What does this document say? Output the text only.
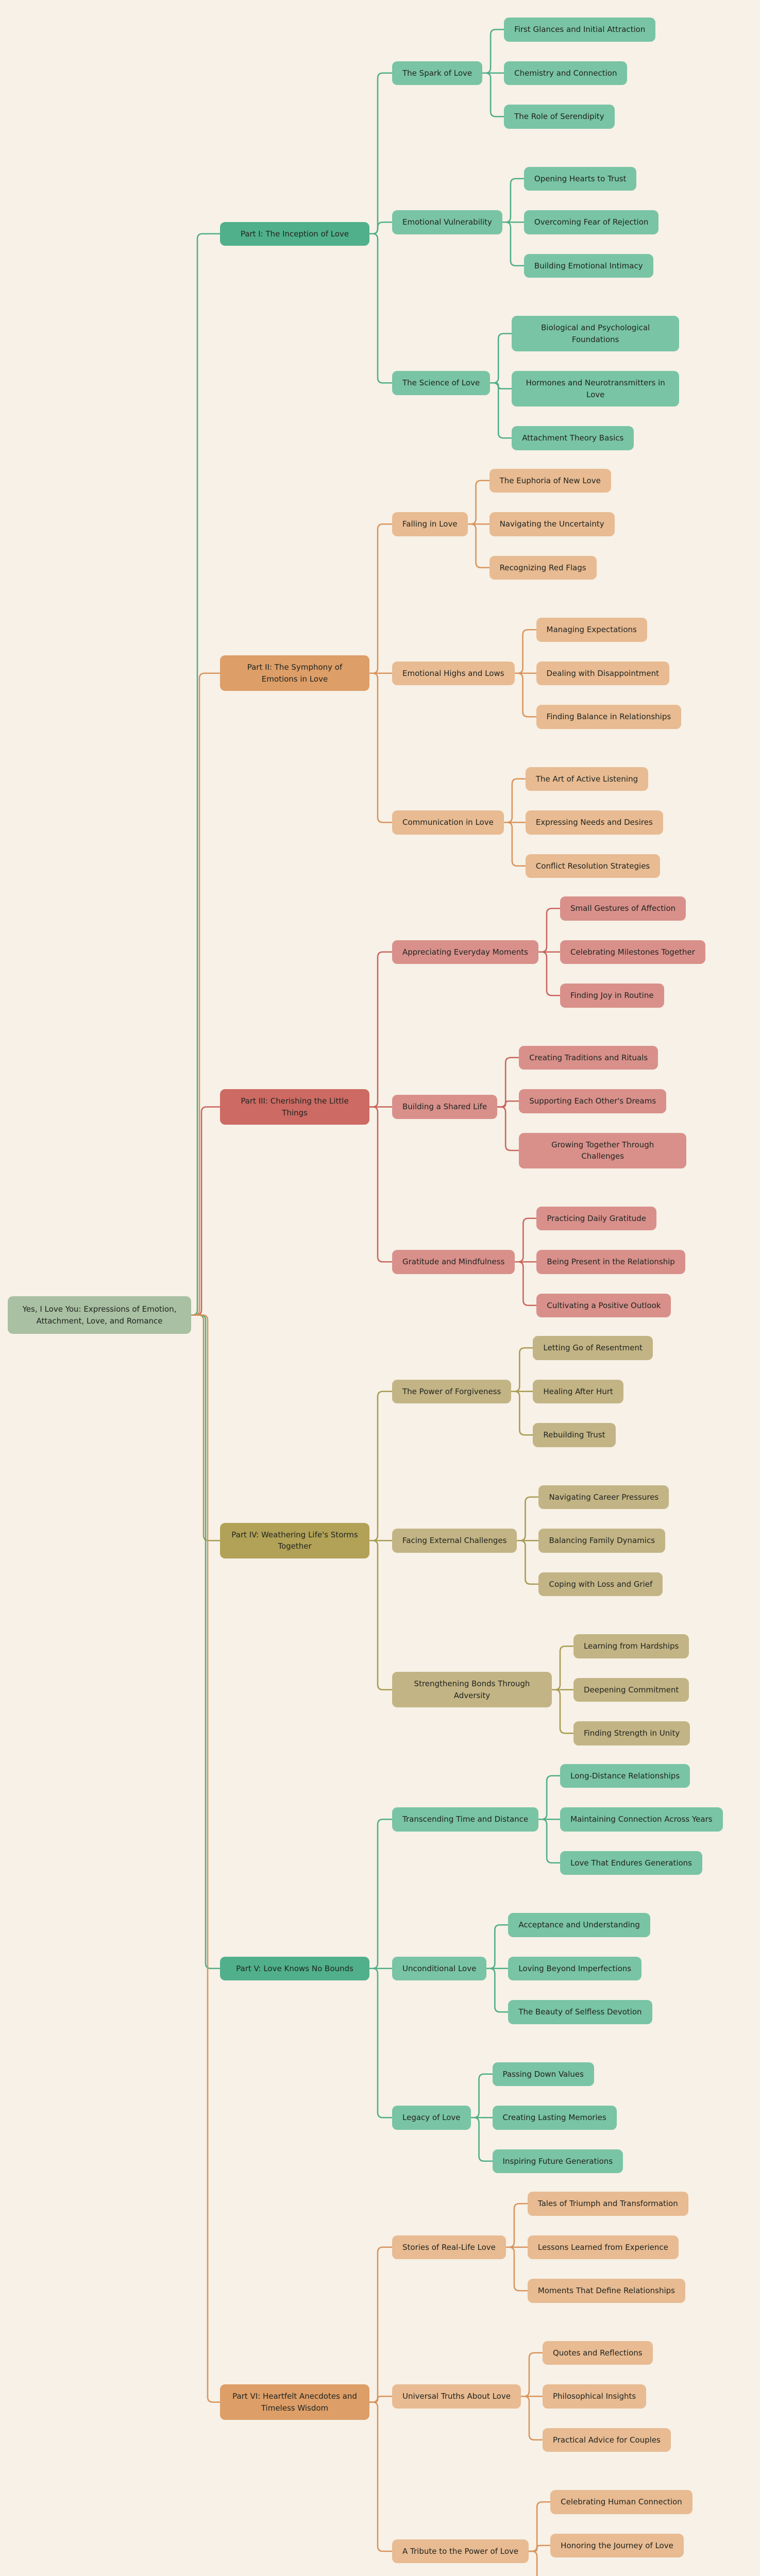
Yes, I Love You: Expressions of Emotion, Attachment, Love, and Romance
Part I: The Inception of Love
The Spark of Love
First Glances and Initial Attraction
Chemistry and Connection
The Role of Serendipity
Emotional Vulnerability
Opening Hearts to Trust
Overcoming Fear of Rejection
Building Emotional Intimacy
The Science of Love
Biological and Psychological Foundations
Hormones and Neurotransmitters in Love
Attachment Theory Basics
Part II: The Symphony of Emotions in Love
Falling in Love
The Euphoria of New Love
Navigating the Uncertainty
Recognizing Red Flags
Emotional Highs and Lows
Managing Expectations
Dealing with Disappointment
Finding Balance in Relationships
Communication in Love
The Art of Active Listening
Expressing Needs and Desires
Conflict Resolution Strategies
Part III: Cherishing the Little Things
Appreciating Everyday Moments
Small Gestures of Affection
Celebrating Milestones Together
Finding Joy in Routine
Building a Shared Life
Creating Traditions and Rituals
Supporting Each Other's Dreams
Growing Together Through Challenges
Gratitude and Mindfulness
Practicing Daily Gratitude
Being Present in the Relationship
Cultivating a Positive Outlook
Part IV: Weathering Life's Storms Together
The Power of Forgiveness
Letting Go of Resentment
Healing After Hurt
Rebuilding Trust
Facing External Challenges
Navigating Career Pressures
Balancing Family Dynamics
Coping with Loss and Grief
Strengthening Bonds Through Adversity
Learning from Hardships
Deepening Commitment
Finding Strength in Unity
Part V: Love Knows No Bounds
Transcending Time and Distance
Long-Distance Relationships
Maintaining Connection Across Years
Love That Endures Generations
Unconditional Love
Acceptance and Understanding
Loving Beyond Imperfections
The Beauty of Selfless Devotion
Legacy of Love
Passing Down Values
Creating Lasting Memories
Inspiring Future Generations
Part VI: Heartfelt Anecdotes and Timeless Wisdom
Stories of Real-Life Love
Tales of Triumph and Transformation
Lessons Learned from Experience
Moments That Define Relationships
Universal Truths About Love
Quotes and Reflections
Philosophical Insights
Practical Advice for Couples
A Tribute to the Power of Love
Celebrating Human Connection
Honoring the Journey of Love
